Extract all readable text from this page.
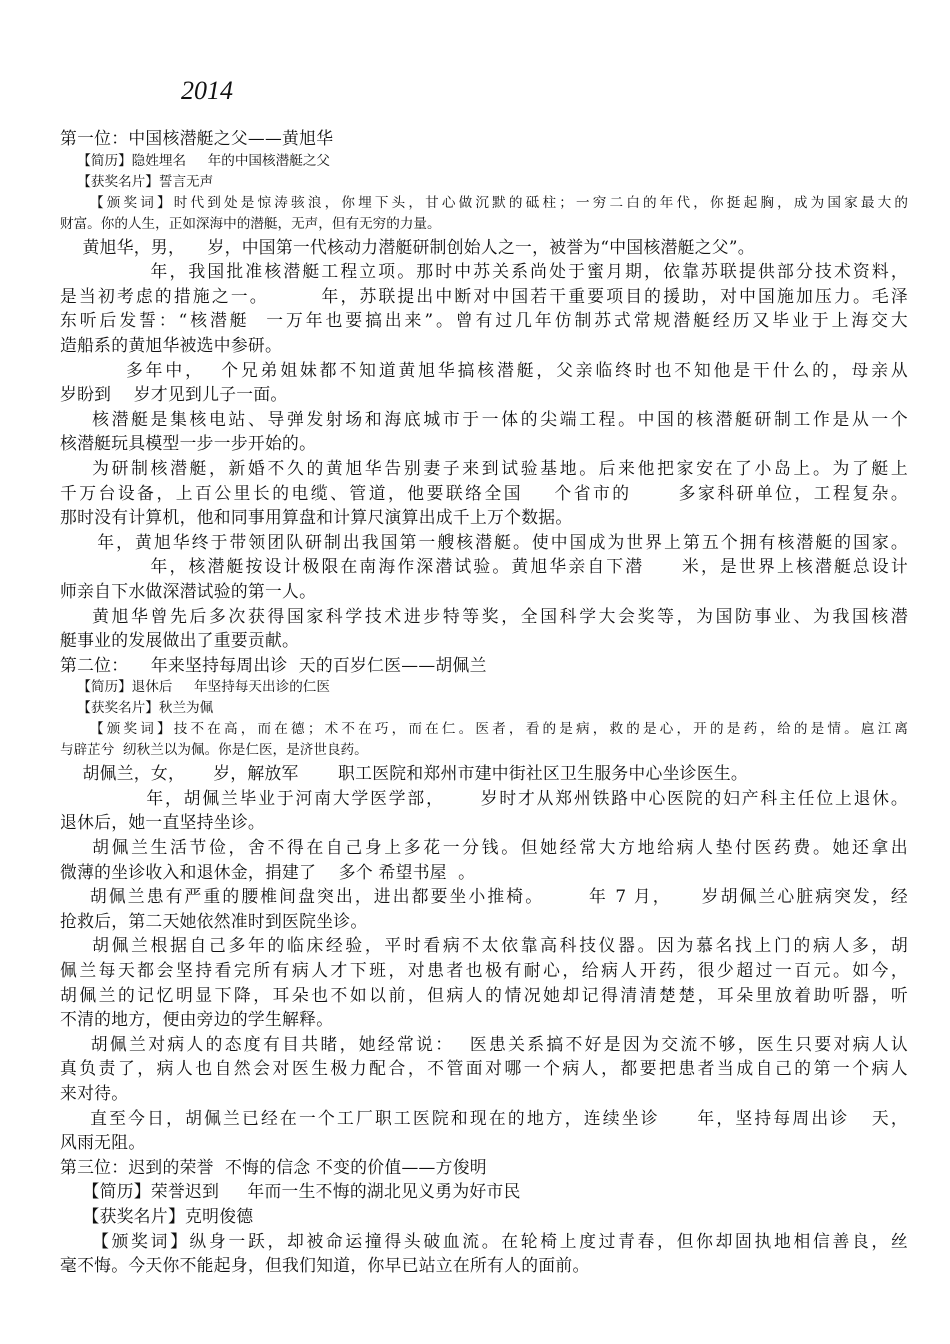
2014
第一位：中国核潜艇之父——黄旭华
【简历】隐姓埋名     年的中国核潜艇之父
【获奖名片】誓言无声
【颁奖词】时代到处是惊涛骇浪，你埋下头，甘心做沉默的砥柱；一穷二白的年代，你挺起胸，成为国家最大的
财富。你的人生，正如深海中的潜艇，无声，但有无穷的力量。
黄旭华，男，    岁，中国第一代核动力潜艇研制创始人之一，被誉为“中国核潜艇之父”。
年，我国批准核潜艇工程立项。那时中苏关系尚处于蜜月期，依靠苏联提供部分技术资料，
是当初考虑的措施之一。       年，苏联提出中断对中国若干重要项目的援助，对中国施加压力。毛泽
东听后发誓：“核潜艇  一万年也要搞出来”。曾有过几年仿制苏式常规潜艇经历又毕业于上海交大
造船系的黄旭华被选中参研。
多年中，  个兄弟姐妹都不知道黄旭华搞核潜艇，父亲临终时也不知他是干什么的，母亲从
岁盼到    岁才见到儿子一面。
核潜艇是集核电站、导弹发射场和海底城市于一体的尖端工程。中国的核潜艇研制工作是从一个
核潜艇玩具模型一步一步开始的。
为研制核潜艇，新婚不久的黄旭华告别妻子来到试验基地。后来他把家安在了小岛上。为了艇上
千万台设备，上百公里长的电缆、管道，他要联络全国    个省市的      多家科研单位，工程复杂。
那时没有计算机，他和同事用算盘和计算尺演算出成千上万个数据。
年，黄旭华终于带领团队研制出我国第一艘核潜艇。使中国成为世界上第五个拥有核潜艇的国家。
年，核潜艇按设计极限在南海作深潜试验。黄旭华亲自下潜     米，是世界上核潜艇总设计
师亲自下水做深潜试验的第一人。
黄旭华曾先后多次获得国家科学技术进步特等奖，全国科学大会奖等，为国防事业、为我国核潜
艇事业的发展做出了重要贡献。
第二位：    年来坚持每周出诊  天的百岁仁医——胡佩兰
【简历】退休后     年坚持每天出诊的仁医
【获奖名片】秋兰为佩
【颁奖词】技不在高，而在德；术不在巧，而在仁。医者，看的是病，救的是心，开的是药，给的是情。扈江离
与辟芷兮  纫秋兰以为佩。你是仁医，是济世良药。
胡佩兰，女，     岁，解放军       职工医院和郑州市建中街社区卫生服务中心坐诊医生。
年，胡佩兰毕业于河南大学医学部，     岁时才从郑州铁路中心医院的妇产科主任位上退休。
退休后，她一直坚持坐诊。
胡佩兰生活节俭，舍不得在自己身上多花一分钱。但她经常大方地给病人垫付医药费。她还拿出
微薄的坐诊收入和退休金，捐建了    多个 希望书屋  。
胡佩兰患有严重的腰椎间盘突出，进出都要坐小推椅。      年 7 月，    岁胡佩兰心脏病突发，经
抢救后，第二天她依然准时到医院坐诊。
胡佩兰根据自己多年的临床经验，平时看病不太依靠高科技仪器。因为慕名找上门的病人多，胡
佩兰每天都会坚持看完所有病人才下班，对患者也极有耐心，给病人开药，很少超过一百元。如今，
胡佩兰的记忆明显下降，耳朵也不如以前，但病人的情况她却记得清清楚楚，耳朵里放着助听器，听
不清的地方，便由旁边的学生解释。
胡佩兰对病人的态度有目共睹，她经常说：  医患关系搞不好是因为交流不够，医生只要对病人认
真负责了，病人也自然会对医生极力配合，不管面对哪一个病人，都要把患者当成自己的第一个病人
来对待。
直至今日，胡佩兰已经在一个工厂职工医院和现在的地方，连续坐诊     年，坚持每周出诊   天，
风雨无阻。
第三位：迟到的荣誉  不悔的信念 不变的价值——方俊明
【简历】荣誉迟到     年而一生不悔的湖北见义勇为好市民
【获奖名片】克明俊德
【颁奖词】纵身一跃，却被命运撞得头破血流。在轮椅上度过青春，但你却固执地相信善良，丝
毫不悔。今天你不能起身，但我们知道，你早已站立在所有人的面前。
